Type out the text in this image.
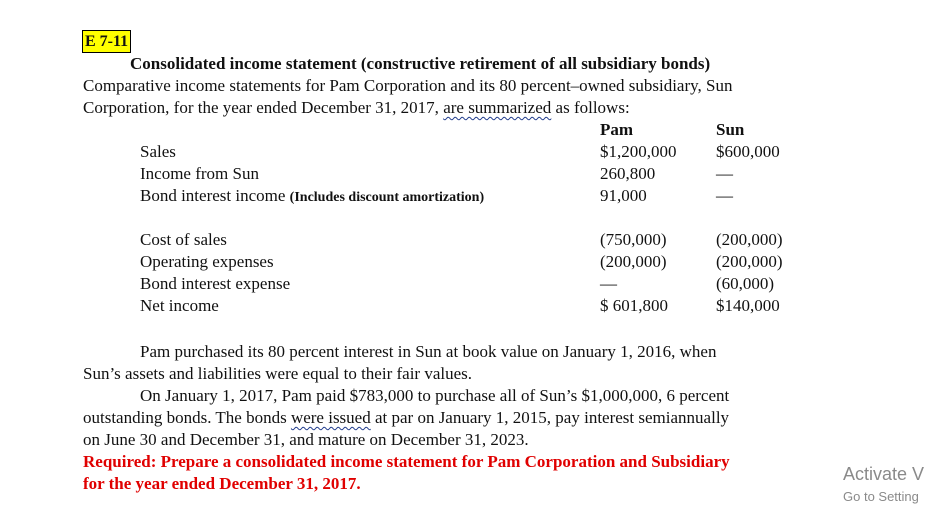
E 7-11
Consolidated income statement (constructive retirement of all subsidiary bonds)
Comparative income statements for Pam Corporation and its 80 percent–owned subsidiary, Sun
Corporation, for the year ended December 31, 2017, are summarized as follows:
Pam	Sun
Sales	$1,200,000 $600,000
Income from Sun	260,800	—
Bond interest income (Includes discount amortization)	91,000	—
Cost of sales	(750,000)	(200,000)
Operating expenses	(200,000)	(200,000)
Bond interest expense	—	(60,000)
Net income	$ 601,800	$140,000
Pam purchased its 80 percent interest in Sun at book value on January 1, 2016, when
Sun’s assets and liabilities were equal to their fair values.
On January 1, 2017, Pam paid $783,000 to purchase all of Sun’s $1,000,000, 6 percent
outstanding bonds. The bonds were issued at par on January 1, 2015, pay interest semiannually
on June 30 and December 31, and mature on December 31, 2023.
Required: Prepare a consolidated income statement for Pam Corporation and Subsidiary
for the year ended December 31, 2017.	Activate V
Go to Setting
